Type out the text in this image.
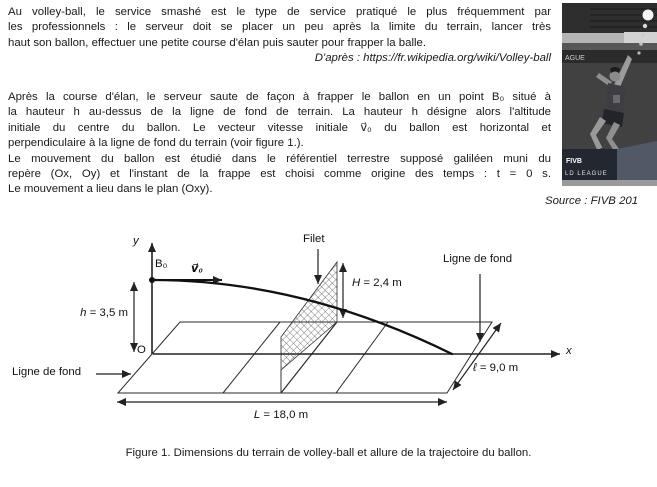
Au volley-ball, le service smashé est le type de service pratiqué le plus fréquemment par
les professionnels : le serveur doit se placer un peu après la limite du terrain, lancer très
haut son ballon, effectuer une petite course d'élan puis sauter pour frapper la balle.
D'après : https://fr.wikipedia.org/wiki/Volley-ball
Après la course d'élan, le serveur saute de façon à frapper le ballon en un point B₀ situé à
la hauteur h au-dessus de la ligne de fond de terrain. La hauteur h désigne alors l'altitude
initiale du centre du ballon. Le vecteur vitesse initiale v⃗₀ du ballon est horizontal et
perpendiculaire à la ligne de fond du terrain (voir figure 1.).
Le mouvement du ballon est étudié dans le référentiel terrestre supposé galiléen muni du
repère (Ox, Oy) et l'instant de la frappe est choisi comme origine des temps : t = 0 s.
Le mouvement a lieu dans le plan (Oxy).
Source : FIVB 201
AGUE
FIVB
LD LEAGUE
y
x
O
B₀ v⃗₀
h = 3,5 m
H = 2,4 m
Filet
Ligne de fond
Ligne de fond	ℓ = 9,0 m
L = 18,0 m
Figure 1. Dimensions du terrain de volley-ball et allure de la trajectoire du ballon.
